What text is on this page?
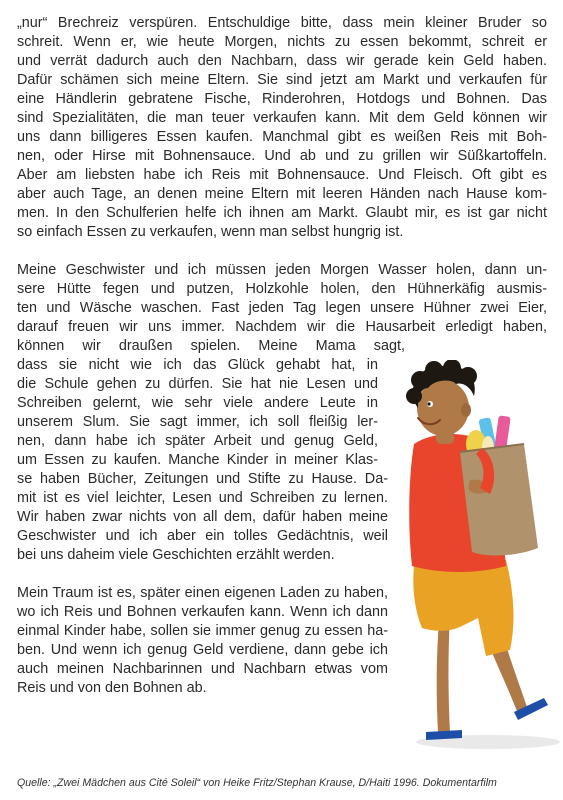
„nur“ Brechreiz verspüren. Entschuldige bitte, dass mein kleiner Bruder so
schreit. Wenn er, wie heute Morgen, nichts zu essen bekommt, schreit er
und verrät dadurch auch den Nachbarn, dass wir gerade kein Geld haben.
Dafür schämen sich meine Eltern. Sie sind jetzt am Markt und verkaufen für
eine Händlerin gebratene Fische, Rinderohren, Hotdogs und Bohnen. Das
sind Spezialitäten, die man teuer verkaufen kann. Mit dem Geld können wir
uns dann billigeres Essen kaufen. Manchmal gibt es weißen Reis mit Boh-
nen, oder Hirse mit Bohnensauce. Und ab und zu grillen wir Süßkartoffeln.
Aber am liebsten habe ich Reis mit Bohnensauce. Und Fleisch. Oft gibt es
aber auch Tage, an denen meine Eltern mit leeren Händen nach Hause kom-
men. In den Schulferien helfe ich ihnen am Markt. Glaubt mir, es ist gar nicht
so einfach Essen zu verkaufen, wenn man selbst hungrig ist.
Meine Geschwister und ich müssen jeden Morgen Wasser holen, dann un-
sere Hütte fegen und putzen, Holzkohle holen, den Hühnerkäfig ausmis-
ten und Wäsche waschen. Fast jeden Tag legen unsere Hühner zwei Eier,
darauf freuen wir uns immer. Nachdem wir die Hausarbeit erledigt haben,
können wir draußen spielen. Meine Mama sagt,
dass sie nicht wie ich das Glück gehabt hat, in
die Schule gehen zu dürfen. Sie hat nie Lesen und
Schreiben gelernt, wie sehr viele andere Leute in
unserem Slum. Sie sagt immer, ich soll fleißig ler-
nen, dann habe ich später Arbeit und genug Geld,
um Essen zu kaufen. Manche Kinder in meiner Klas-
se haben Bücher, Zeitungen und Stifte zu Hause. Da-
mit ist es viel leichter, Lesen und Schreiben zu lernen.
Wir haben zwar nichts von all dem, dafür haben meine
Geschwister und ich aber ein tolles Gedächtnis, weil
bei uns daheim viele Geschichten erzählt werden.
Mein Traum ist es, später einen eigenen Laden zu haben,
wo ich Reis und Bohnen verkaufen kann. Wenn ich dann
einmal Kinder habe, sollen sie immer genug zu essen ha-
ben. Und wenn ich genug Geld verdiene, dann gebe ich
auch meinen Nachbarinnen und Nachbarn etwas vom
Reis und von den Bohnen ab.
Quelle: „Zwei Mädchen aus Cité Soleil“ von Heike Fritz/Stephan Krause, D/Haiti 1996. Dokumentarfilm
